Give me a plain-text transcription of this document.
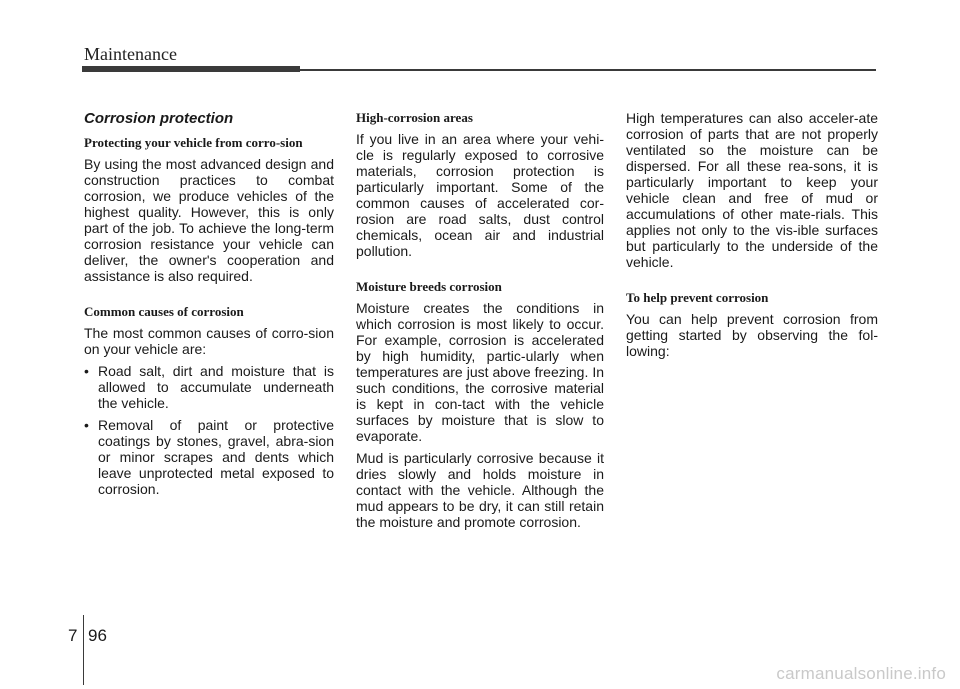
Maintenance
Corrosion protection
Protecting your vehicle from corro-sion
By using the most advanced design and construction practices to combat corrosion, we produce vehicles of the highest quality. However, this is only part of the job. To achieve the long-term corrosion resistance your vehicle can deliver, the owner's cooperation and assistance is also required.
Common causes of corrosion
The most common causes of corro-sion on your vehicle are:
• Road salt, dirt and moisture that is allowed to accumulate underneath the vehicle.
• Removal of paint or protective coatings by stones, gravel, abra-sion or minor scrapes and dents which leave unprotected metal exposed to corrosion.
High-corrosion areas
If you live in an area where your vehi-cle is regularly exposed to corrosive materials, corrosion protection is particularly important. Some of the common causes of accelerated cor-rosion are road salts, dust control chemicals, ocean air and industrial pollution.
Moisture breeds corrosion
Moisture creates the conditions in which corrosion is most likely to occur. For example, corrosion is accelerated by high humidity, partic-ularly when temperatures are just above freezing. In such conditions, the corrosive material is kept in con-tact with the vehicle surfaces by moisture that is slow to evaporate.
Mud is particularly corrosive because it dries slowly and holds moisture in contact with the vehicle. Although the mud appears to be dry, it can still retain the moisture and promote corrosion.
High temperatures can also acceler-ate corrosion of parts that are not properly ventilated so the moisture can be dispersed. For all these rea-sons, it is particularly important to keep your vehicle clean and free of mud or accumulations of other mate-rials. This applies not only to the vis-ible surfaces but particularly to the underside of the vehicle.
To help prevent corrosion
You can help prevent corrosion from getting started by observing the fol-lowing:
7 96
carmanualsonline.info
